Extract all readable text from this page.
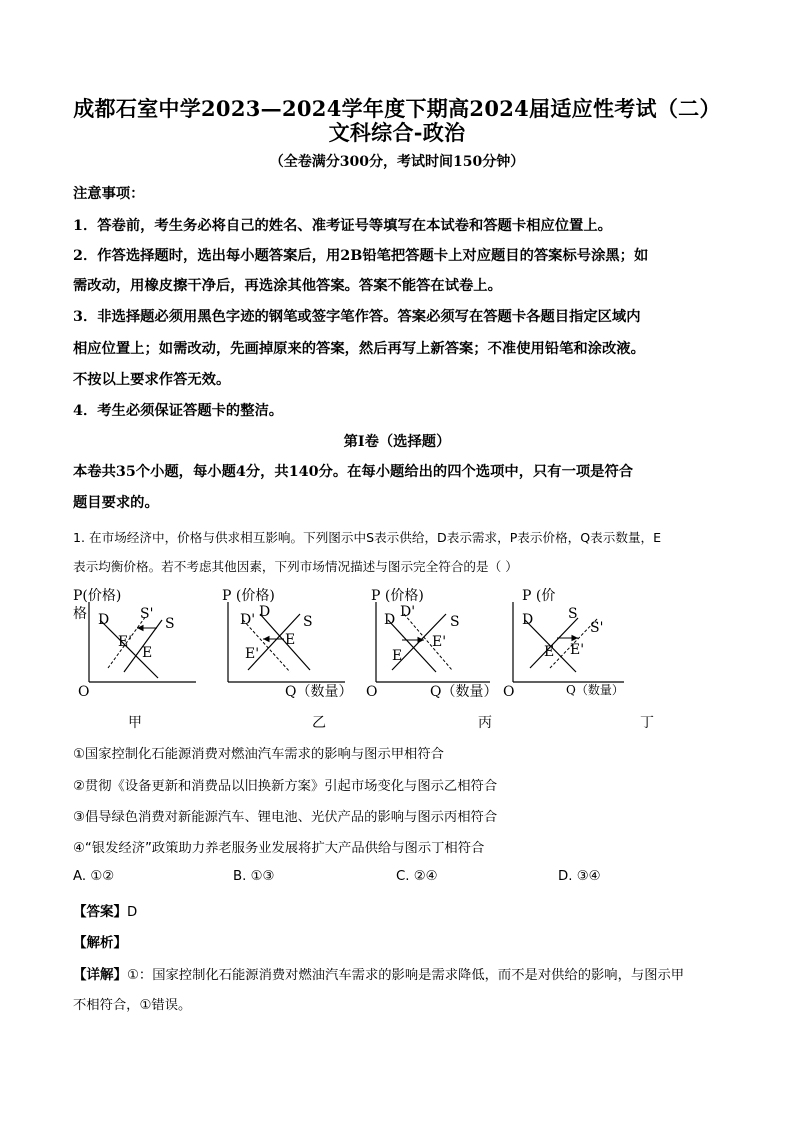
成都石室中学2023—2024学年度下期高2024届适应性考试（二）
文科综合-政治
（全卷满分300分，考试时间150分钟）
注意事项：
1．答卷前，考生务必将自己的姓名、准考证号等填写在本试卷和答题卡相应位置上。
2．作答选择题时，选出每小题答案后，用2B铅笔把答题卡上对应题目的答案标号涂黑；如
需改动，用橡皮擦干净后，再选涂其他答案。答案不能答在试卷上。
3．非选择题必须用黑色字迹的钢笔或签字笔作答。答案必须写在答题卡各题目指定区域内
相应位置上；如需改动，先画掉原来的答案，然后再写上新答案；不准使用铅笔和涂改液。
不按以上要求作答无效。
4．考生必须保证答题卡的整洁。
第I卷（选择题）
本卷共35个小题，每小题4分，共140分。在每小题给出的四个选项中，只有一项是符合
题目要求的。
1. 在市场经济中，价格与供求相互影响。下列图示中S表示供给，D表示需求，P表示价格，Q表示数量，E
表示均衡价格。若不考虑其他因素，下列市场情况描述与图示完全符合的是（ ）
P(价格)
格
O
D S'
S
E'
E
P (价格)
Q（数量）
D' D
S
E
E'
P (价格)
O	Q（数量）
D D'
S
E
E'
P (价
O	Q（数量）
D S
S'
E E'
甲	乙	丙	丁
①国家控制化石能源消费对燃油汽车需求的影响与图示甲相符合
②贯彻《设备更新和消费品以旧换新方案》引起市场变化与图示乙相符合
③倡导绿色消费对新能源汽车、锂电池、光伏产品的影响与图示丙相符合
④“银发经济”政策助力养老服务业发展将扩大产品供给与图示丁相符合
A. ①②	B. ①③	C. ②④	D. ③④
【答案】D
【解析】
【详解】①：国家控制化石能源消费对燃油汽车需求的影响是需求降低，而不是对供给的影响，与图示甲
不相符合，①错误。
